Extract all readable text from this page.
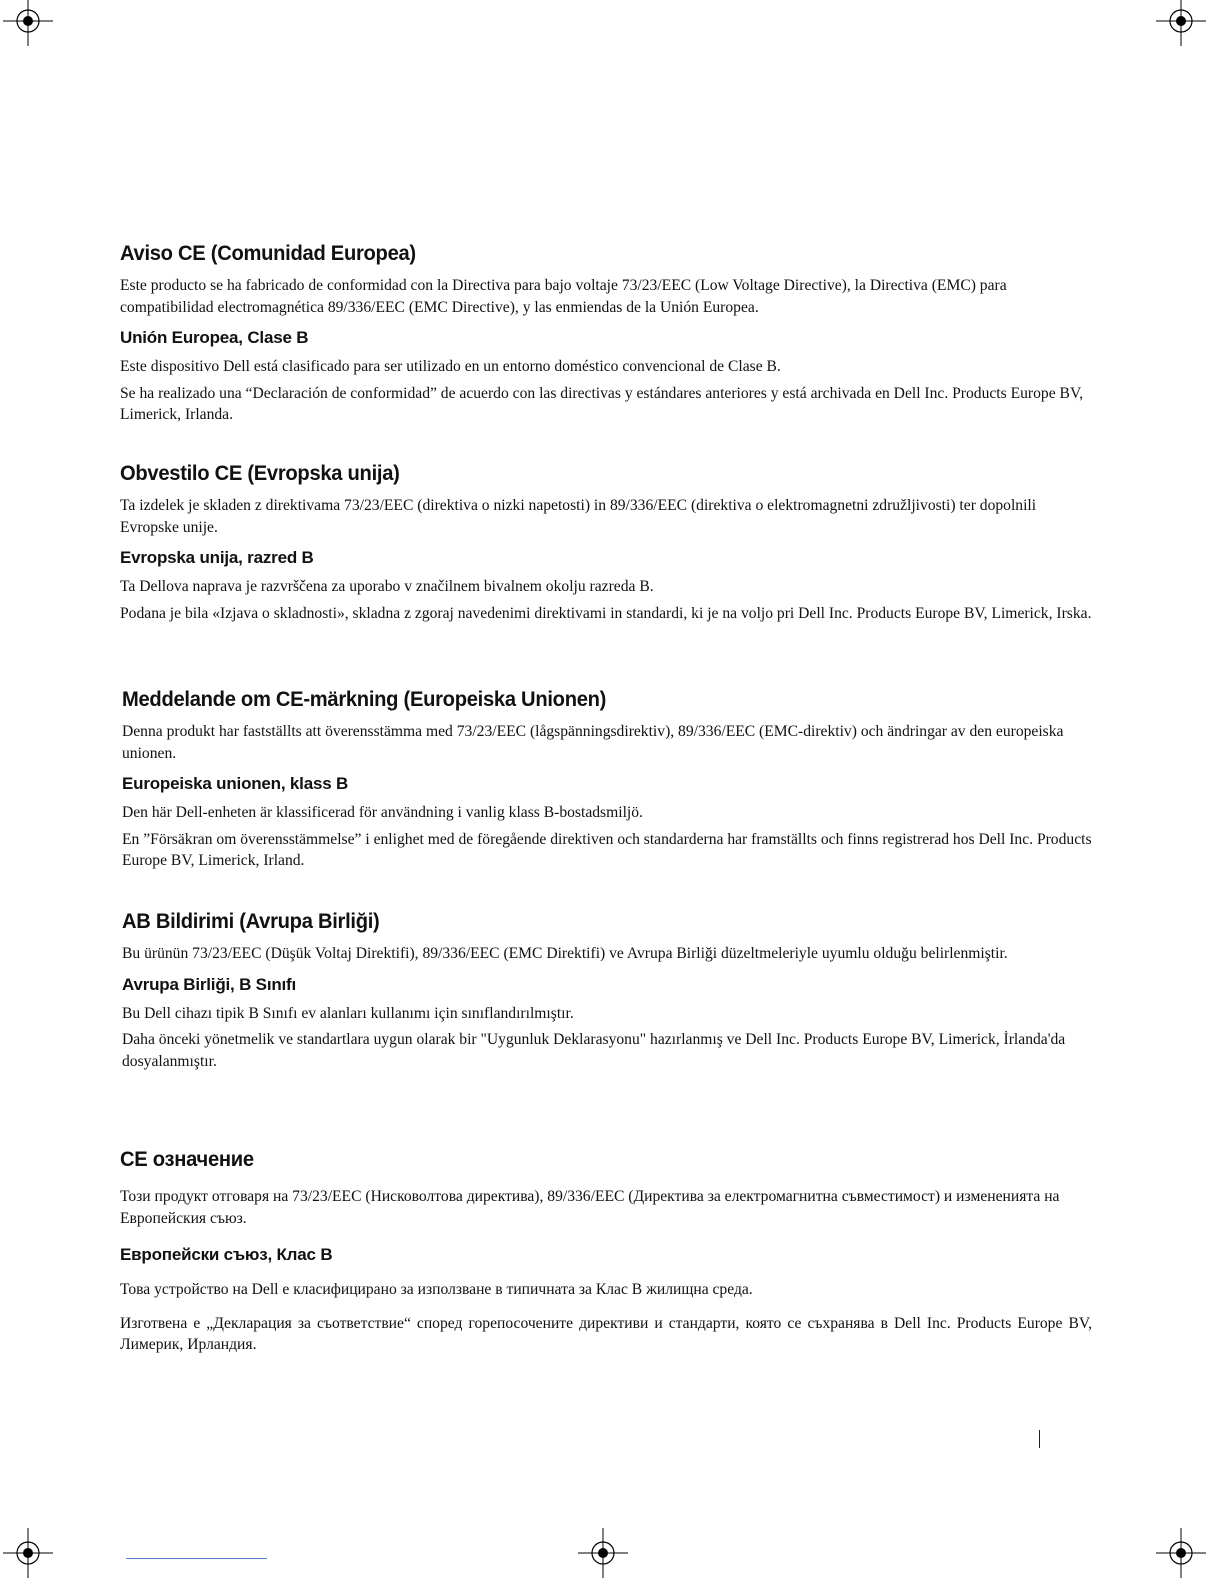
Aviso CE (Comunidad Europea)

Este producto se ha fabricado de conformidad con la Directiva para bajo voltaje 73/23/EEC (Low Voltage Directive), la Directiva (EMC) para compatibilidad electromagnética 89/336/EEC (EMC Directive), y las enmiendas de la Unión Europea.

Unión Europea, Clase B

Este dispositivo Dell está clasificado para ser utilizado en un entorno doméstico convencional de Clase B.

Se ha realizado una “Declaración de conformidad” de acuerdo con las directivas y estándares anteriores y está archivada en Dell Inc. Products Europe BV, Limerick, Irlanda.

Obvestilo CE (Evropska unija)

Ta izdelek je skladen z direktivama 73/23/EEC (direktiva o nizki napetosti) in 89/336/EEC (direktiva o elektromagnetni združljivosti) ter dopolnili Evropske unije.

Evropska unija, razred B

Ta Dellova naprava je razvrščena za uporabo v značilnem bivalnem okolju razreda B.

Podana je bila «Izjava o skladnosti», skladna z zgoraj navedenimi direktivami in standardi, ki je na voljo pri Dell Inc. Products Europe BV, Limerick, Irska.

Meddelande om CE-märkning (Europeiska Unionen)

Denna produkt har fastställts att överensstämma med 73/23/EEC (lågspänningsdirektiv), 89/336/EEC (EMC-direktiv) och ändringar av den europeiska unionen.

Europeiska unionen, klass B

Den här Dell-enheten är klassificerad för användning i vanlig klass B-bostadsmiljö.

En ”Försäkran om överensstämmelse” i enlighet med de föregående direktiven och standarderna har framställts och finns registrerad hos Dell Inc. Products Europe BV, Limerick, Irland.

AB Bildirimi (Avrupa Birliği)

Bu ürünün 73/23/EEC (Düşük Voltaj Direktifi), 89/336/EEC (EMC Direktifi) ve Avrupa Birliği düzeltmeleriyle uyumlu olduğu belirlenmiştir.

Avrupa Birliği, B Sınıfı

Bu Dell cihazı tipik B Sınıfı ev alanları kullanımı için sınıflandırılmıştır.

Daha önceki yönetmelik ve standartlara uygun olarak bir "Uygunluk Deklarasyonu" hazırlanmış ve Dell Inc. Products Europe BV, Limerick, İrlanda'da dosyalanmıştır.

CE означение

Този продукт отговаря на 73/23/EEC (Нисковолтова директива), 89/336/EEC (Директива за електромагнитна съвместимост) и измененията на Европейския съюз.

Европейски съюз, Клас B

Това устройство на Dell е класифицирано за използване в типичната за Клас B жилищна среда.

Изготвена е „Декларация за съответствие“ според горепосочените директиви и стандарти, която се съхранява в Dell Inc. Products Europe BV, Лимерик, Ирландия.
